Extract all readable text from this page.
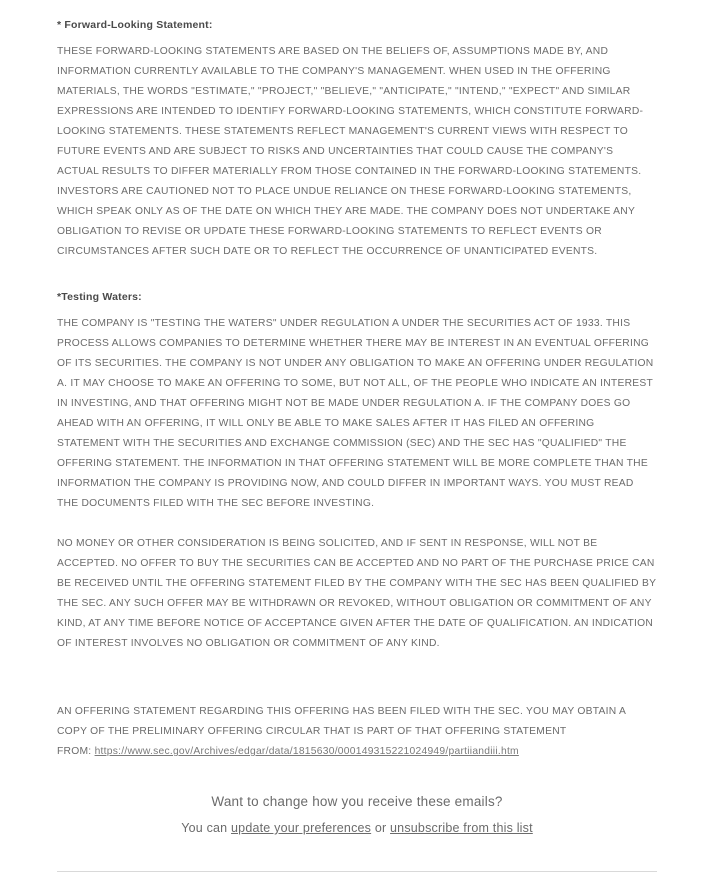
* Forward-Looking Statement:

THESE FORWARD-LOOKING STATEMENTS ARE BASED ON THE BELIEFS OF, ASSUMPTIONS MADE BY, AND INFORMATION CURRENTLY AVAILABLE TO THE COMPANY'S MANAGEMENT. WHEN USED IN THE OFFERING MATERIALS, THE WORDS "ESTIMATE," "PROJECT," "BELIEVE," "ANTICIPATE," "INTEND," "EXPECT" AND SIMILAR EXPRESSIONS ARE INTENDED TO IDENTIFY FORWARD-LOOKING STATEMENTS, WHICH CONSTITUTE FORWARD-LOOKING STATEMENTS. THESE STATEMENTS REFLECT MANAGEMENT'S CURRENT VIEWS WITH RESPECT TO FUTURE EVENTS AND ARE SUBJECT TO RISKS AND UNCERTAINTIES THAT COULD CAUSE THE COMPANY'S ACTUAL RESULTS TO DIFFER MATERIALLY FROM THOSE CONTAINED IN THE FORWARD-LOOKING STATEMENTS. INVESTORS ARE CAUTIONED NOT TO PLACE UNDUE RELIANCE ON THESE FORWARD-LOOKING STATEMENTS, WHICH SPEAK ONLY AS OF THE DATE ON WHICH THEY ARE MADE. THE COMPANY DOES NOT UNDERTAKE ANY OBLIGATION TO REVISE OR UPDATE THESE FORWARD-LOOKING STATEMENTS TO REFLECT EVENTS OR CIRCUMSTANCES AFTER SUCH DATE OR TO REFLECT THE OCCURRENCE OF UNANTICIPATED EVENTS.

*Testing Waters:

THE COMPANY IS "TESTING THE WATERS" UNDER REGULATION A UNDER THE SECURITIES ACT OF 1933. THIS PROCESS ALLOWS COMPANIES TO DETERMINE WHETHER THERE MAY BE INTEREST IN AN EVENTUAL OFFERING OF ITS SECURITIES. THE COMPANY IS NOT UNDER ANY OBLIGATION TO MAKE AN OFFERING UNDER REGULATION A. IT MAY CHOOSE TO MAKE AN OFFERING TO SOME, BUT NOT ALL, OF THE PEOPLE WHO INDICATE AN INTEREST IN INVESTING, AND THAT OFFERING MIGHT NOT BE MADE UNDER REGULATION A. IF THE COMPANY DOES GO AHEAD WITH AN OFFERING, IT WILL ONLY BE ABLE TO MAKE SALES AFTER IT HAS FILED AN OFFERING STATEMENT WITH THE SECURITIES AND EXCHANGE COMMISSION (SEC) AND THE SEC HAS "QUALIFIED" THE OFFERING STATEMENT. THE INFORMATION IN THAT OFFERING STATEMENT WILL BE MORE COMPLETE THAN THE INFORMATION THE COMPANY IS PROVIDING NOW, AND COULD DIFFER IN IMPORTANT WAYS. YOU MUST READ THE DOCUMENTS FILED WITH THE SEC BEFORE INVESTING.

NO MONEY OR OTHER CONSIDERATION IS BEING SOLICITED, AND IF SENT IN RESPONSE, WILL NOT BE ACCEPTED. NO OFFER TO BUY THE SECURITIES CAN BE ACCEPTED AND NO PART OF THE PURCHASE PRICE CAN BE RECEIVED UNTIL THE OFFERING STATEMENT FILED BY THE COMPANY WITH THE SEC HAS BEEN QUALIFIED BY THE SEC. ANY SUCH OFFER MAY BE WITHDRAWN OR REVOKED, WITHOUT OBLIGATION OR COMMITMENT OF ANY KIND, AT ANY TIME BEFORE NOTICE OF ACCEPTANCE GIVEN AFTER THE DATE OF QUALIFICATION. AN INDICATION OF INTEREST INVOLVES NO OBLIGATION OR COMMITMENT OF ANY KIND.

AN OFFERING STATEMENT REGARDING THIS OFFERING HAS BEEN FILED WITH THE SEC. YOU MAY OBTAIN A COPY OF THE PRELIMINARY OFFERING CIRCULAR THAT IS PART OF THAT OFFERING STATEMENT

FROM: https://www.sec.gov/Archives/edgar/data/1815630/000149315221024949/partiiandiii.htm

Want to change how you receive these emails?
You can update your preferences or unsubscribe from this list
